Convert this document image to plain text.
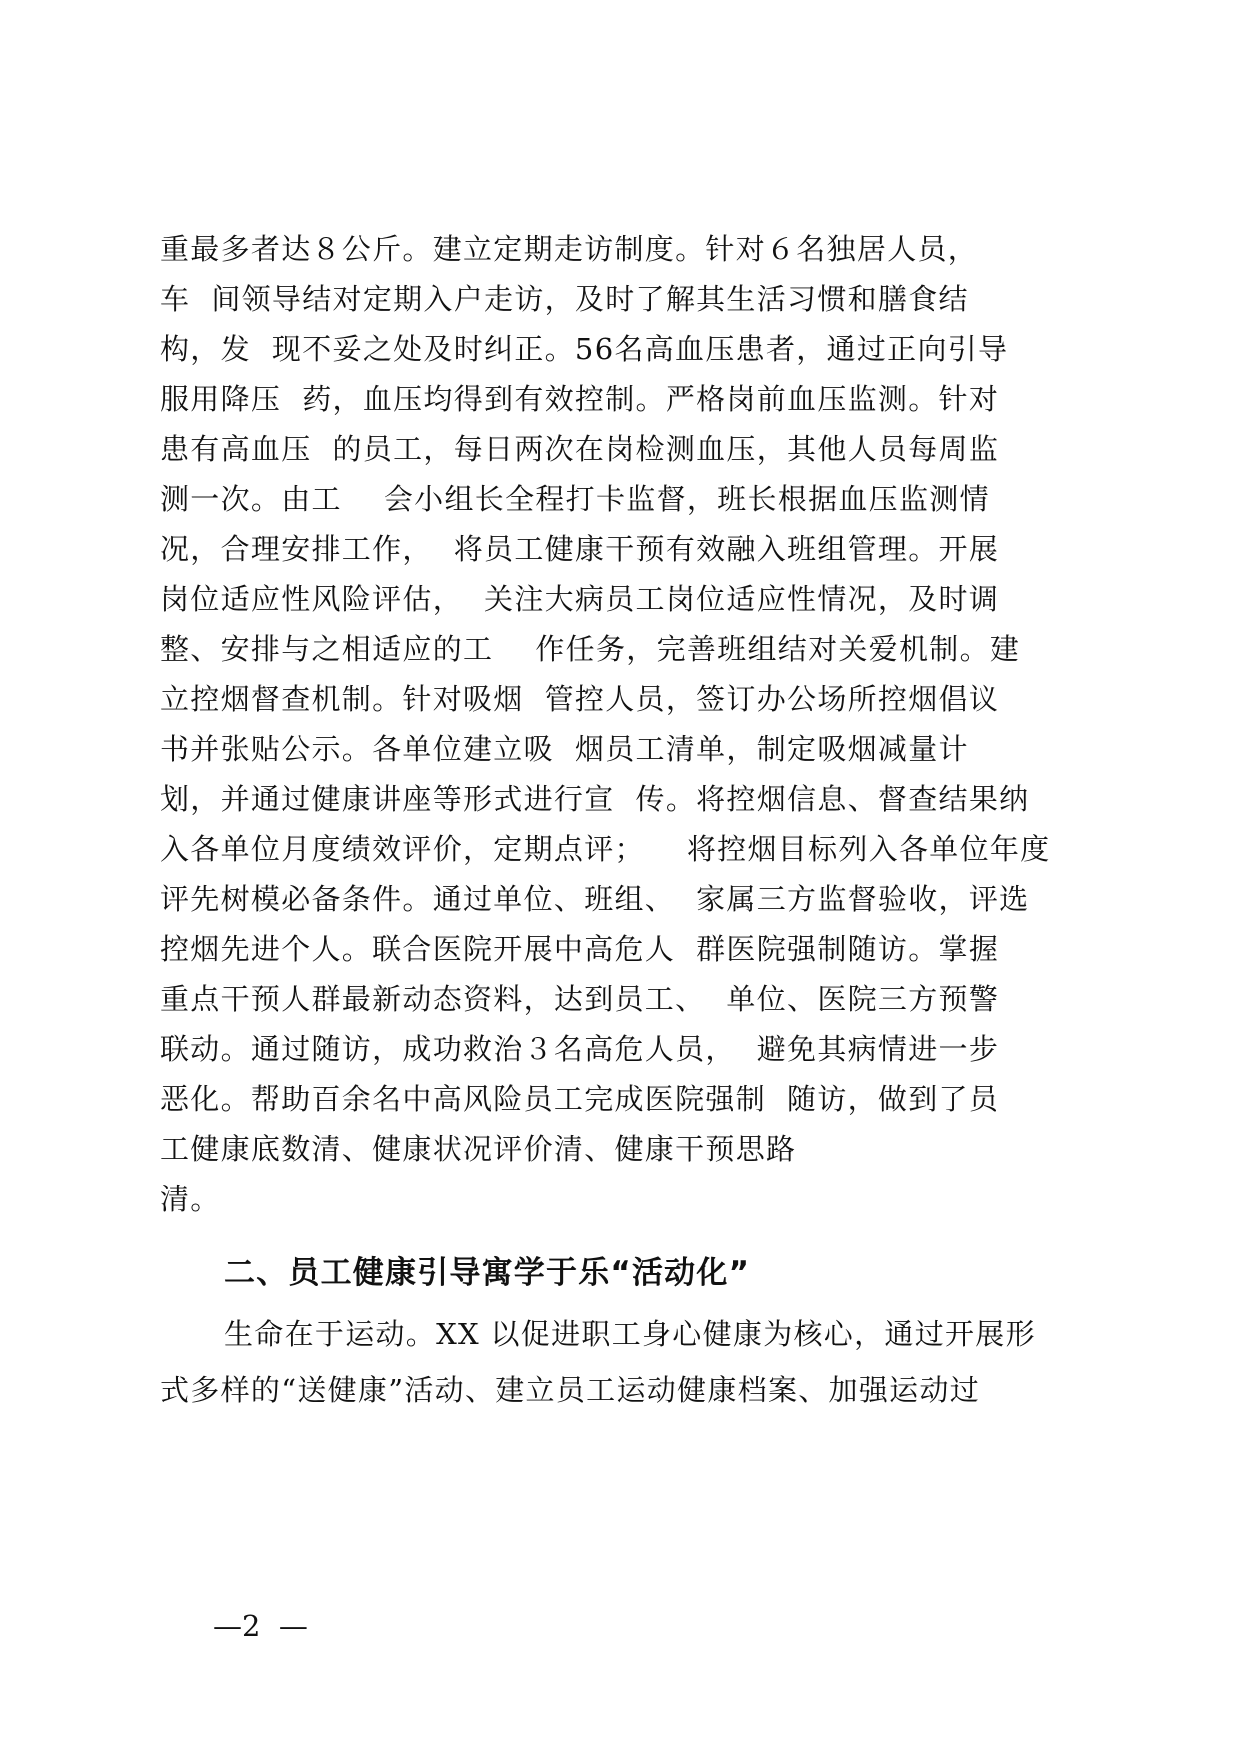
重最多者达８公斤。建立定期走访制度。针对６名独居人员，
车  间领导结对定期入户走访，及时了解其生活习惯和膳食结
构，发  现不妥之处及时纠正。56名高血压患者，通过正向引导
服用降压  药，血压均得到有效控制。严格岗前血压监测。针对
患有高血压  的员工，每日两次在岗检测血压，其他人员每周监
测一次。由工    会小组长全程打卡监督，班长根据血压监测情
况，合理安排工作，  将员工健康干预有效融入班组管理。开展
岗位适应性风险评估，  关注大病员工岗位适应性情况，及时调
整、安排与之相适应的工    作任务，完善班组结对关爱机制。建
立控烟督查机制。针对吸烟  管控人员，签订办公场所控烟倡议
书并张贴公示。各单位建立吸  烟员工清单，制定吸烟减量计
划，并通过健康讲座等形式进行宣  传。将控烟信息、督查结果纳
入各单位月度绩效评价，定期点评；    将控烟目标列入各单位年度
评先树模必备条件。通过单位、班组、  家属三方监督验收，评选
控烟先进个人。联合医院开展中高危人  群医院强制随访。掌握
重点干预人群最新动态资料，达到员工、  单位、医院三方预警
联动。通过随访，成功救治３名高危人员，  避免其病情进一步
恶化。帮助百余名中高风险员工完成医院强制  随访，做到了员
工健康底数清、健康状况评价清、健康干预思路
清。
二、员工健康引导寓学于乐“活动化”
生命在于运动。XX 以促进职工身心健康为核心，通过开展形
式多样的“送健康”活动、建立员工运动健康档案、加强运动过
—2  —
